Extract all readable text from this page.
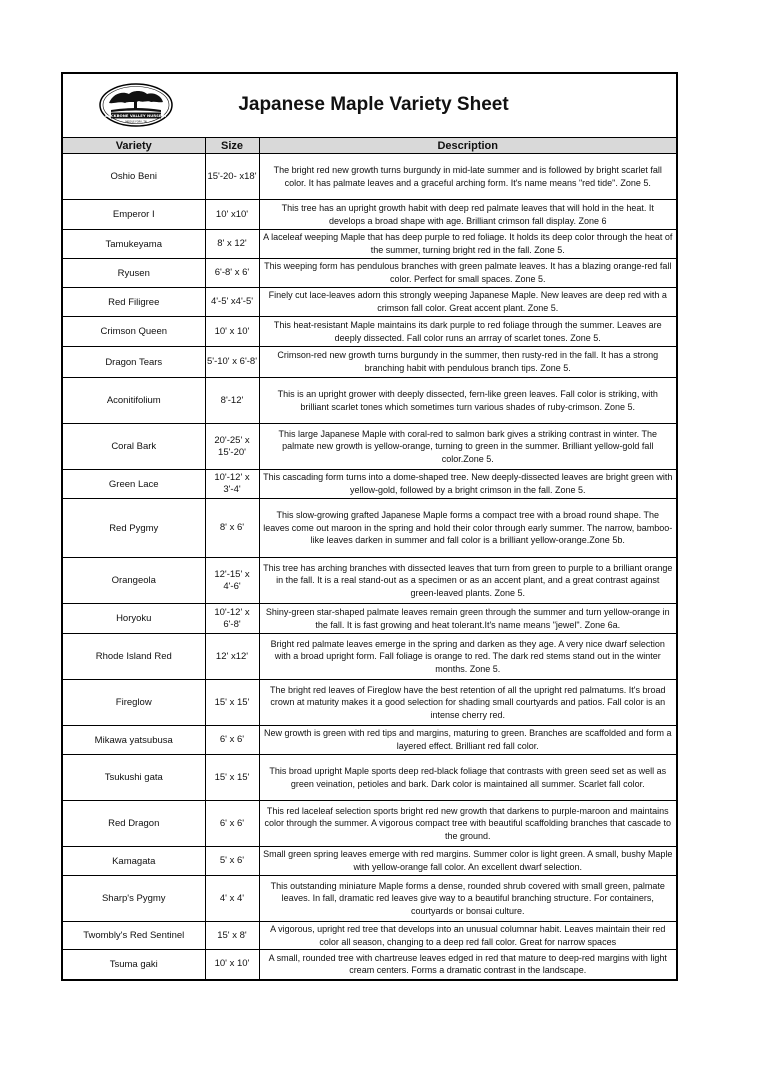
BACKBONE VALLEY NURSERY
MIDDLE FORK, TN
Japanese Maple Variety Sheet
Variety	Size	Description
Oshio Beni	15'-20- x18'	The bright red new growth turns burgundy in mid-late summer and is followed by bright scarlet fall color. It has palmate leaves and a graceful arching form. It's name means "red tide". Zone 5.
Emperor I	10' x10'	This tree has an upright growth habit with deep red palmate leaves that will hold in the heat. It develops a broad shape with age. Brilliant crimson fall display. Zone 6
Tamukeyama	8' x 12'	A laceleaf weeping Maple that has deep purple to red foliage. It holds its deep color through the heat of the summer, turning bright red in the fall. Zone 5.
Ryusen	6'-8' x 6'	This weeping form has pendulous branches with green palmate leaves. It has a blazing orange-red fall color. Perfect for small spaces. Zone 5.
Red Filigree	4'-5' x4'-5'	Finely cut lace-leaves adorn this strongly weeping Japanese Maple. New leaves are deep red with a crimson fall color. Great accent plant. Zone 5.
Crimson Queen	10' x 10'	This heat-resistant Maple maintains its dark purple to red foliage through the summer. Leaves are deeply dissected. Fall color runs an arrray of scarlet tones. Zone 5.
Dragon Tears	5'-10' x 6'-8'	Crimson-red new growth turns burgundy in the summer, then rusty-red in the fall. It has a strong branching habit with pendulous branch tips. Zone 5.
Aconitifolium	8'-12'	This is an upright grower with deeply dissected, fern-like green leaves. Fall color is striking, with brilliant scarlet tones which sometimes turn various shades of ruby-crimson. Zone 5.
Coral Bark	20'-25' x 15'-20'	This large Japanese Maple with coral-red to salmon bark gives a striking contrast in winter. The palmate new growth is yellow-orange, turning to green in the summer. Brilliant yellow-gold fall color.Zone 5.
Green Lace	10'-12' x 3'-4'	This cascading form turns into a dome-shaped tree. New deeply-dissected leaves are bright green with yellow-gold, followed by a bright crimson in the fall. Zone 5.
Red Pygmy	8' x 6'	This slow-growing grafted Japanese Maple forms a compact tree with a broad round shape. The leaves come out maroon in the spring and hold their color through early summer. The narrow, bamboo-like leaves darken in summer and fall color is a brilliant yellow-orange.Zone 5b.
Orangeola	12'-15' x 4'-6'	This tree has arching branches with dissected leaves that turn from green to purple to a brilliant orange in the fall. It is a real stand-out as a specimen or as an accent plant, and a great contrast against green-leaved plants. Zone 5.
Horyoku	10'-12' x 6'-8'	Shiny-green star-shaped palmate leaves remain green through the summer and turn yellow-orange in the fall. It is fast growing and heat tolerant.It's name means "jewel". Zone 6a.
Rhode Island Red	12' x12'	Bright red palmate leaves emerge in the spring and darken as they age. A very nice dwarf selection with a broad upright form. Fall foliage is orange to red. The dark red stems stand out in the winter months. Zone 5.
Fireglow	15' x 15'	The bright red leaves of Fireglow have the best retention of all the upright red palmatums. It's broad crown at maturity makes it a good selection for shading small courtyards and patios. Fall color is an intense cherry red.
Mikawa yatsubusa	6' x 6'	New growth is green with red tips and margins, maturing to green. Branches are scaffolded and form a layered effect. Brilliant red fall color.
Tsukushi gata	15' x 15'	This broad upright Maple sports deep red-black foliage that contrasts with green seed set as well as green veination, petioles and bark. Dark color is maintained all summer. Scarlet fall color.
Red Dragon	6' x 6'	This red laceleaf selection sports bright red new growth that darkens to purple-maroon and maintains color through the summer. A vigorous compact tree with beautiful scaffolding branches that cascade to the ground.
Kamagata	5' x 6'	Small green spring leaves emerge with red margins. Summer color is light green. A small, bushy Maple with yellow-orange fall color. An excellent dwarf selection.
Sharp's Pygmy	4' x 4'	This outstanding miniature Maple forms a dense, rounded shrub covered with small green, palmate leaves. In fall, dramatic red leaves give way to a beautiful branching structure. For containers, courtyards or bonsai culture.
Twombly's Red Sentinel	15' x 8'	A vigorous, upright red tree that develops into an unusual columnar habit. Leaves maintain their red color all season, changing to a deep red fall color. Great for narrow spaces
Tsuma gaki	10' x 10'	A small, rounded tree with chartreuse leaves edged in red that mature to deep-red margins with light cream centers. Forms a dramatic contrast in the landscape.
